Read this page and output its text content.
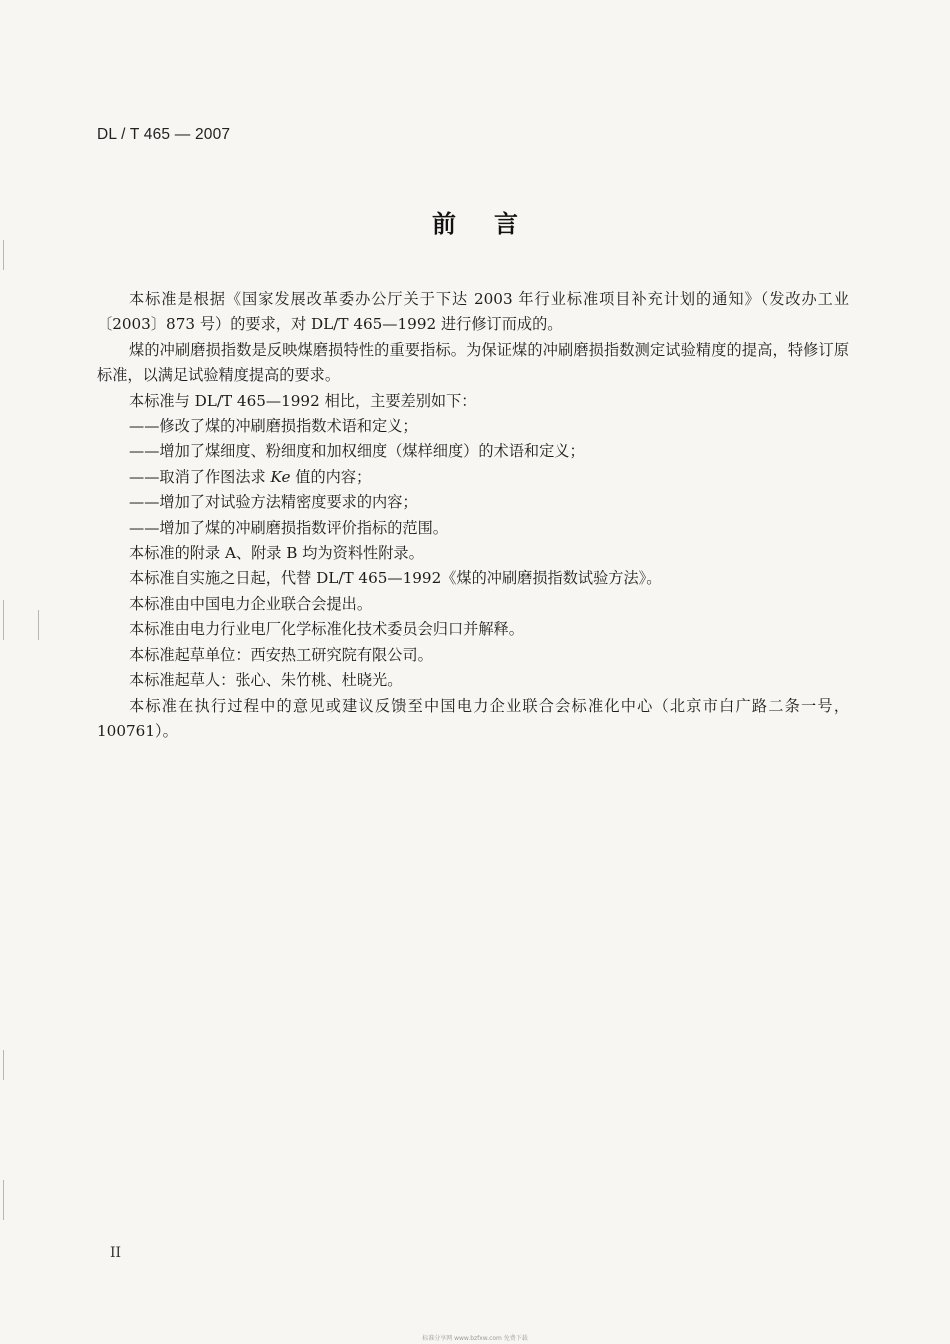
DL / T 465 — 2007
前言

本标准是根据《国家发展改革委办公厅关于下达 2003 年行业标准项目补充计划的通知》（发改办工业〔2003〕873 号）的要求，对 DL/T 465—1992 进行修订而成的。

煤的冲刷磨损指数是反映煤磨损特性的重要指标。为保证煤的冲刷磨损指数测定试验精度的提高，特修订原标准，以满足试验精度提高的要求。

本标准与 DL/T 465—1992 相比，主要差别如下：

——修改了煤的冲刷磨损指数术语和定义；

——增加了煤细度、粉细度和加权细度（煤样细度）的术语和定义；

——取消了作图法求 Ke 值的内容；

——增加了对试验方法精密度要求的内容；

——增加了煤的冲刷磨损指数评价指标的范围。

本标准的附录 A、附录 B 均为资料性附录。

本标准自实施之日起，代替 DL/T 465—1992《煤的冲刷磨损指数试验方法》。

本标准由中国电力企业联合会提出。

本标准由电力行业电厂化学标准化技术委员会归口并解释。

本标准起草单位：西安热工研究院有限公司。

本标准起草人：张心、朱竹桃、杜晓光。

本标准在执行过程中的意见或建议反馈至中国电力企业联合会标准化中心（北京市白广路二条一号，100761）。

II
标准分享网 www.bzfxw.com 免费下载
